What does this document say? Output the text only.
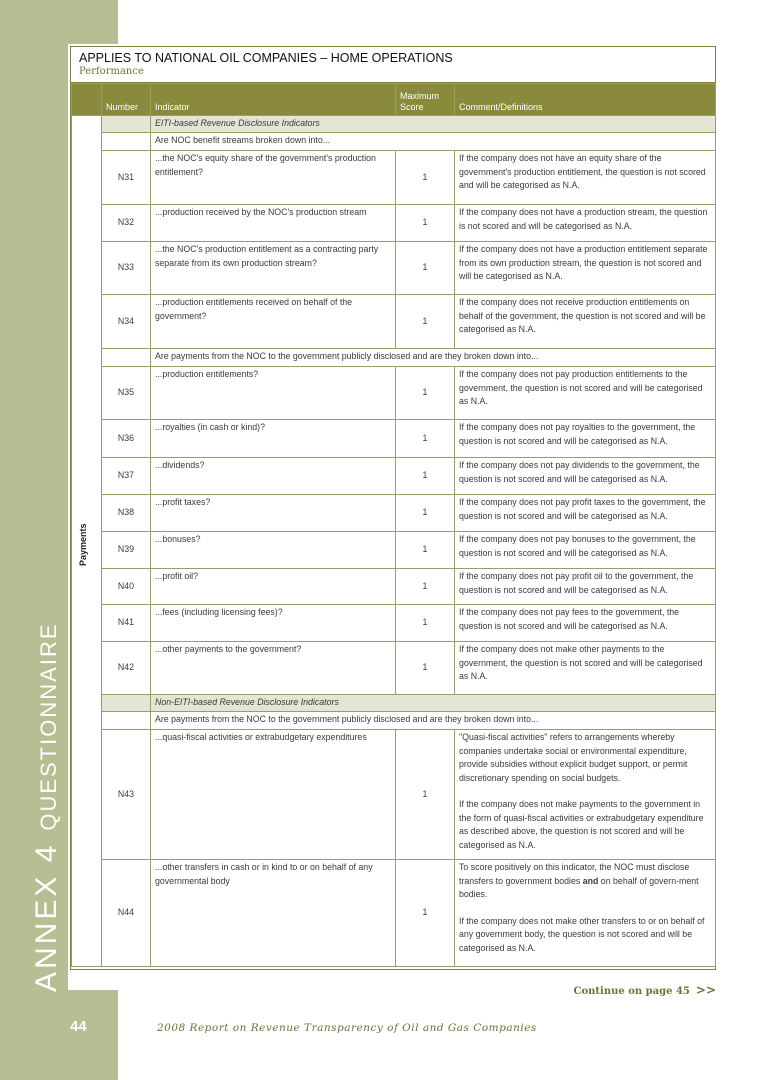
ANNEX 4QUESTIONNAIRE
APPLIES TO NATIONAL OIL COMPANIES – HOME OPERATIONS
Performance
	Number	Indicator	Maximum Score	Comment/Definitions

Payments		EITI-based Revenue Disclosure Indicators		
		Are NOC benefit streams broken down into...		
	N31	...the NOC's equity share of the government's production entitlement?	1	If the company does not have an equity share of the government's production entitlement, the question is not scored and will be categorised as N.A.
	N32	...production received by the NOC's production stream	1	If the company does not have a production stream, the question is not scored and will be categorised as N.A.
	N33	...the NOC's production entitlement as a contracting party separate from its own production stream?	1	If the company does not have a production entitlement separate from its own production stream, the question is not scored and will be categorised as N.A.
	N34	...production entitlements received on behalf of the government?	1	If the company does not receive production entitlements on behalf of the government, the question is not scored and will be categorised as N.A.
		Are payments from the NOC to the government publicly disclosed and are they broken down into...		
	N35	...production entitlements?	1	If the company does not pay production entitlements to the government, the question is not scored and will be categorised as N.A.
	N36	...royalties (in cash or kind)?	1	If the company does not pay royalties to the government, the question is not scored and will be categorised as N.A.
	N37	...dividends?	1	If the company does not pay dividends to the government, the question is not scored and will be categorised as N.A.
	N38	...profit taxes?	1	If the company does not pay profit taxes to the government, the question is not scored and will be categorised as N.A.
	N39	...bonuses?	1	If the company does not pay bonuses to the government, the question is not scored and will be categorised as N.A.
	N40	...profit oil?	1	If the company does not pay profit oil to the government, the question is not scored and will be categorised as N.A.
	N41	...fees (including licensing fees)?	1	If the company does not pay fees to the government, the question is not scored and will be categorised as N.A.
	N42	...other payments to the government?	1	If the company does not make other payments to the government, the question is not scored and will be categorised as N.A.
		Non-EITI-based Revenue Disclosure Indicators		
		Are payments from the NOC to the government publicly disclosed and are they broken down into...		
	N43	...quasi-fiscal activities or extrabudgetary expenditures	1	"Quasi-fiscal activities" refers to arrangements whereby companies undertake social or environmental expenditure, provide subsidies without explicit budget support, or permit discretionary spending on social budgets.
If the company does not make payments to the government in the form of quasi-fiscal activities or extrabudgetary expenditure as described above, the question is not scored and will be categorised as N.A.

	N44	...other transfers in cash or in kind to or on behalf of any governmental body	1	To score positively on this indicator, the NOC must disclose transfers to government bodies and on behalf of govern-ment bodies.
If the company does not make other transfers to or on behalf of any government body, the question is not scored and will be categorised as N.A.
Continue on page 45 >>
44	2008 Report on Revenue Transparency of Oil and Gas Companies
